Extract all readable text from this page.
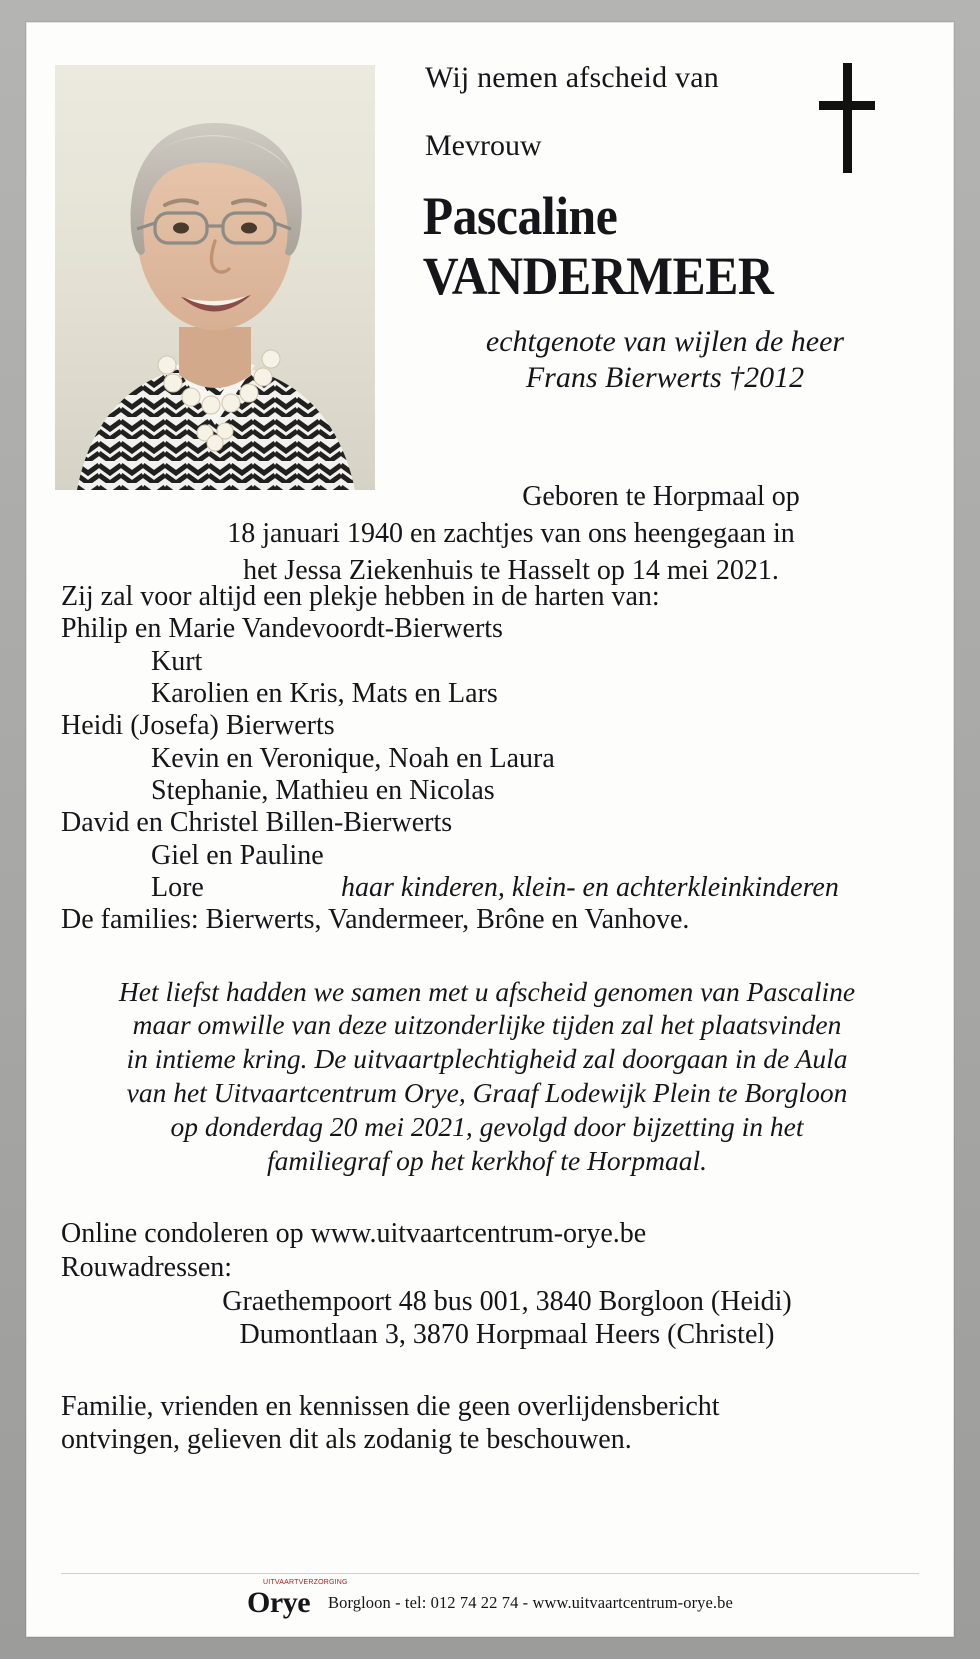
Wij nemen afscheid van
Mevrouw
Pascaline
VANDERMEER
echtgenote van wijlen de heer
Frans Bierwerts †2012
Geboren te Horpmaal op
18 januari 1940 en zachtjes van ons heengegaan in
het Jessa Ziekenhuis te Hasselt op 14 mei 2021.
Zij zal voor altijd een plekje hebben in de harten van:
Philip en Marie Vandevoordt-Bierwerts
Kurt
Karolien en Kris, Mats en Lars
Heidi (Josefa) Bierwerts
Kevin en Veronique, Noah en Laura
Stephanie, Mathieu en Nicolas
David en Christel Billen-Bierwerts
Giel en Pauline
Lore	haar kinderen, klein- en achterkleinkinderen
De families: Bierwerts, Vandermeer, Brône en Vanhove.

Het liefst hadden we samen met u afscheid genomen van Pascaline

maar omwille van deze uitzonderlijke tijden zal het plaatsvinden

in intieme kring. De uitvaartplechtigheid zal doorgaan in de Aula

van het Uitvaartcentrum Orye, Graaf Lodewijk Plein te Borgloon

op donderdag 20 mei 2021, gevolgd door bijzetting in het

familiegraf op het kerkhof te Horpmaal.

Online condoleren op www.uitvaartcentrum-orye.be
Rouwadressen:
Graethempoort 48 bus 001, 3840 Borgloon (Heidi)
Dumontlaan 3, 3870 Horpmaal Heers (Christel)
Familie, vrienden en kennissen die geen overlijdensbericht
ontvingen, gelieven dit als zodanig te beschouwen.
UITVAARTVERZORGING
Orye Borgloon - tel: 012 74 22 74 - www.uitvaartcentrum-orye.be
